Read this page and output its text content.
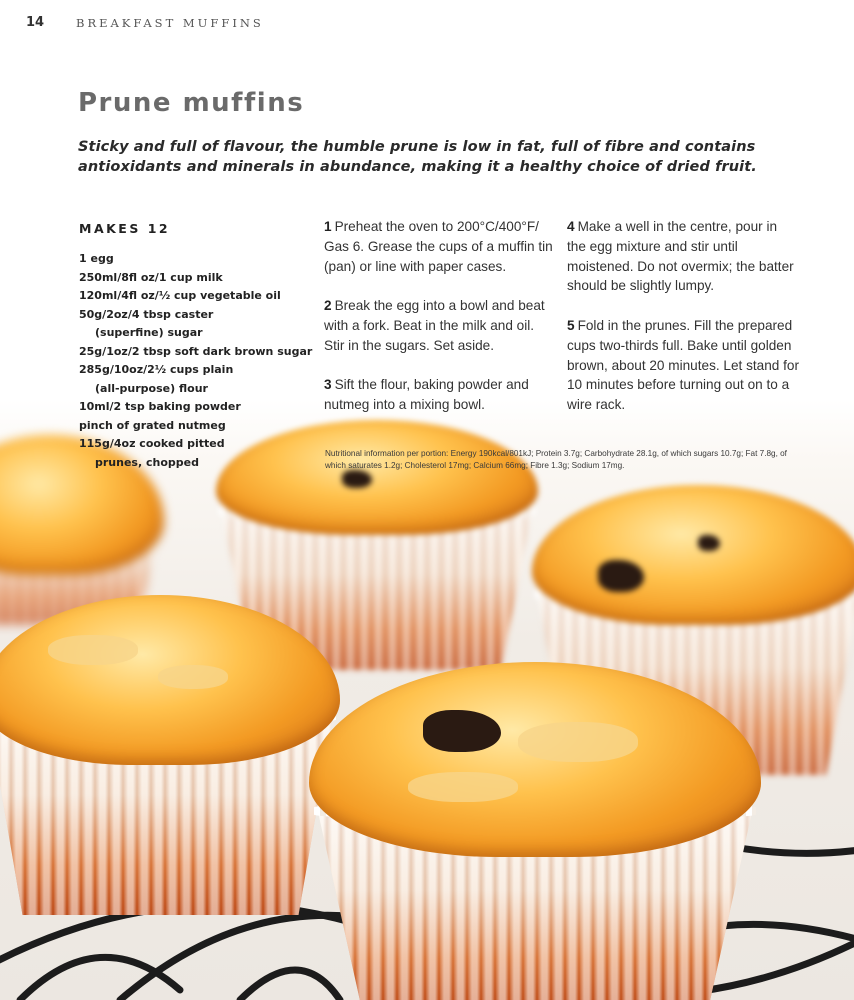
14	BREAKFAST MUFFINS
Prune muffins

Sticky and full of flavour, the humble prune is low in fat, full of fibre and contains antioxidants and minerals in abundance, making it a healthy choice of dried fruit.

MAKES 12
1 egg
250ml/8fl oz/1 cup milk
120ml/4fl oz/½ cup vegetable oil
50g/2oz/4 tbsp caster
(superfine) sugar
25g/1oz/2 tbsp soft dark brown sugar
285g/10oz/2½ cups plain
(all-purpose) flour
10ml/2 tsp baking powder
pinch of grated nutmeg
115g/4oz cooked pitted
prunes, chopped

1 Preheat the oven to 200°C/400°F/ Gas 6. Grease the cups of a muffin tin (pan) or line with paper cases.

2 Break the egg into a bowl and beat with a fork. Beat in the milk and oil. Stir in the sugars. Set aside.

3 Sift the flour, baking powder and nutmeg into a mixing bowl.

4 Make a well in the centre, pour in the egg mixture and stir until moistened. Do not overmix; the batter should be slightly lumpy.

5 Fold in the prunes. Fill the prepared cups two-thirds full. Bake until golden brown, about 20 minutes. Let stand for 10 minutes before turning out on to a wire rack.

Nutritional information per portion: Energy 190kcal/801kJ; Protein 3.7g; Carbohydrate 28.1g, of which sugars 10.7g; Fat 7.8g, of which saturates 1.2g; Cholesterol 17mg; Calcium 66mg; Fibre 1.3g; Sodium 17mg.
